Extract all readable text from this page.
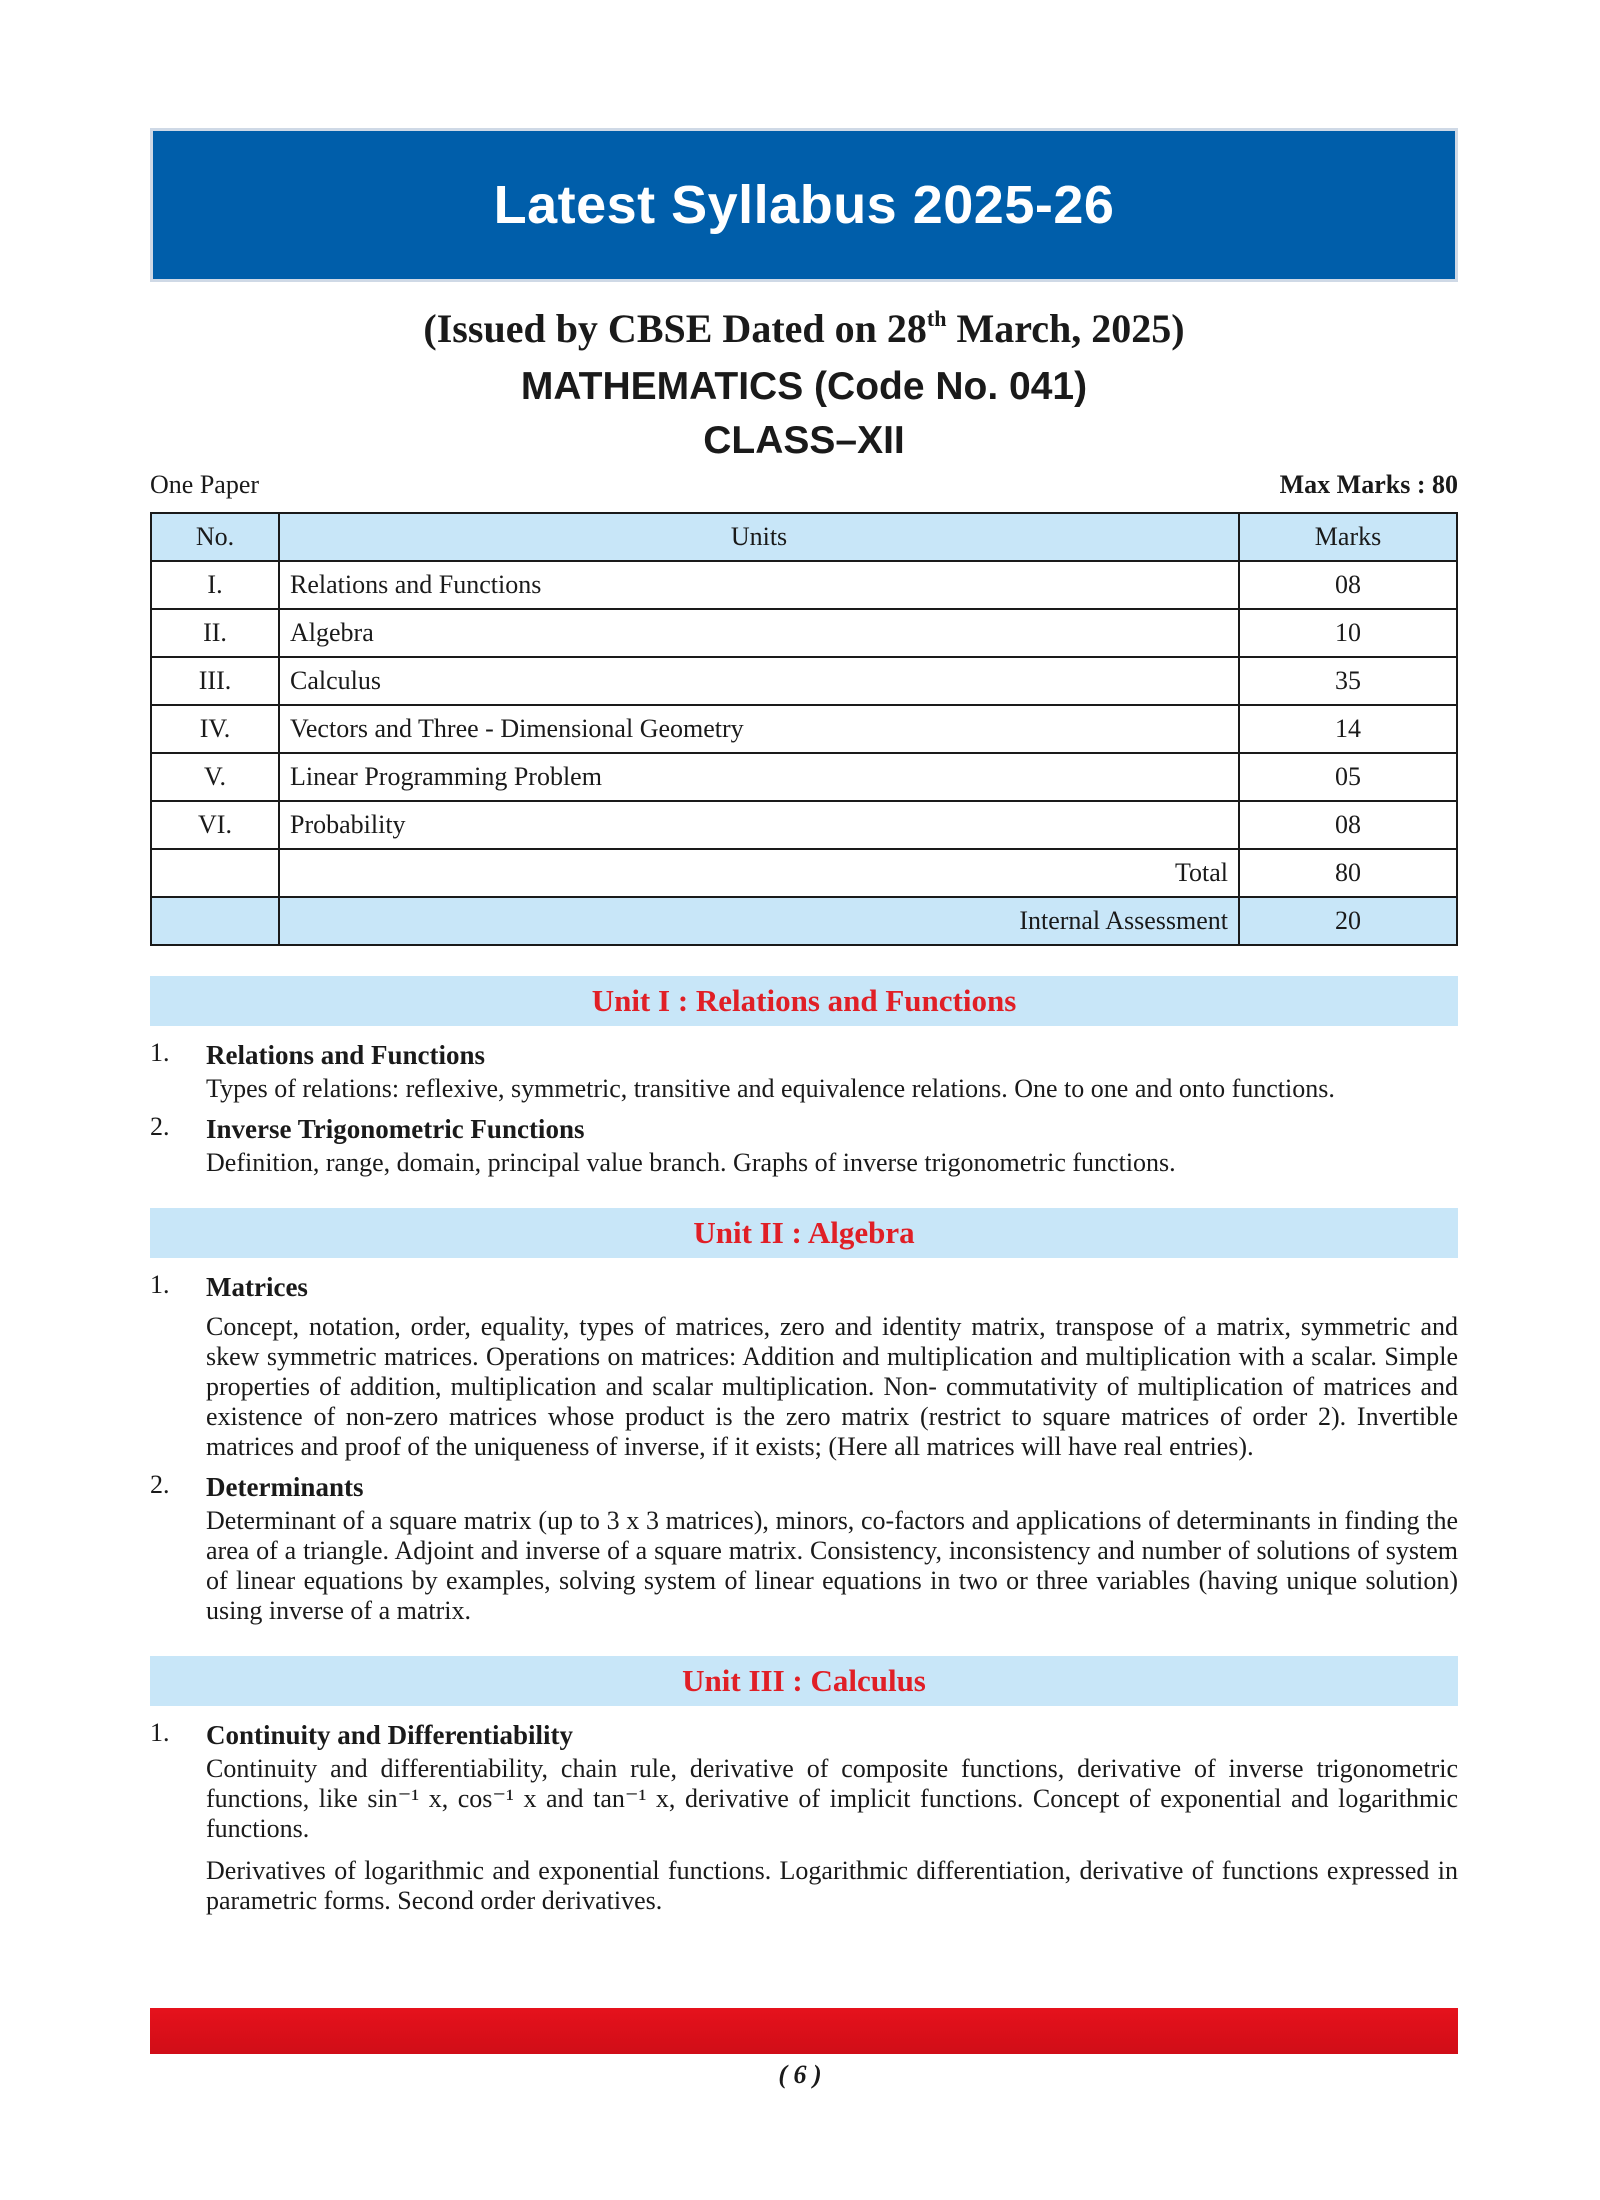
Latest Syllabus 2025-26
(Issued by CBSE Dated on 28th March, 2025)
MATHEMATICS (Code No. 041)
CLASS–XII
One Paper	Max Marks : 80
No.	Units	Marks
I.	Relations and Functions	08
II.	Algebra	10
III.	Calculus	35
IV.	Vectors and Three - Dimensional Geometry	14
V.	Linear Programming Problem	05
VI.	Probability	08
	Total	80
	Internal Assessment	20
Unit I : Relations and Functions
1.	Relations and Functions
Types of relations: reflexive, symmetric, transitive and equivalence relations. One to one and onto functions.
2.	Inverse Trigonometric Functions
Definition, range, domain, principal value branch. Graphs of inverse trigonometric functions.
Unit II : Algebra
1.	Matrices
Concept, notation, order, equality, types of matrices, zero and identity matrix, transpose of a matrix, symmetric and skew symmetric matrices. Operations on matrices: Addition and multiplication and multiplication with a scalar. Simple properties of addition, multiplication and scalar multiplication. Non- commutativity of multiplication of matrices and existence of non-zero matrices whose product is the zero matrix (restrict to square matrices of order 2). Invertible matrices and proof of the uniqueness of inverse, if it exists; (Here all matrices will have real entries).
2.	Determinants
Determinant of a square matrix (up to 3 x 3 matrices), minors, co-factors and applications of determinants in finding the area of a triangle. Adjoint and inverse of a square matrix. Consistency, inconsistency and number of solutions of system of linear equations by examples, solving system of linear equations in two or three variables (having unique solution) using inverse of a matrix.
Unit III : Calculus
1.	Continuity and Differentiability
Continuity and differentiability, chain rule, derivative of composite functions, derivative of inverse trigonometric functions, like sin⁻¹ x, cos⁻¹ x and tan⁻¹ x, derivative of implicit functions. Concept of exponential and logarithmic functions.
Derivatives of logarithmic and exponential functions. Logarithmic differentiation, derivative of functions expressed in parametric forms. Second order derivatives.
( 6 )
